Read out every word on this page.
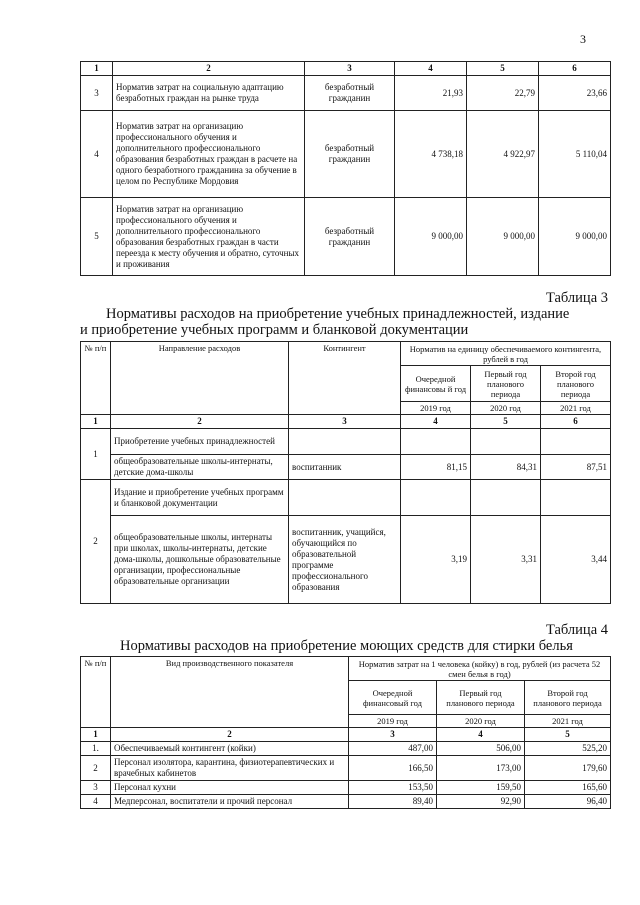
3
1	2	3	4	5	6
3	Норматив затрат на социальную адаптацию безработных граждан на рынке труда	безработный гражданин	21,93	22,79	23,66
4	Норматив затрат на организацию профессионального обучения и дополнительного профессионального образования безработных граждан в расчете на одного безработного гражданина за обучение в целом по Республике Мордовия	безработный гражданин	4 738,18	4 922,97	5 110,04
5	Норматив затрат на организацию профессионального обучения и дополнительного профессионального образования безработных граждан в части переезда к месту обучения и обратно, суточных и проживания	безработный гражданин	9 000,00	9 000,00	9 000,00
Таблица 3
Нормативы расходов на приобретение учебных принадлежностей, издание
и приобретение учебных программ и бланковой документации
№ п/п	Направление расходов	Контингент	Норматив на единицу обеспечиваемого контингента, рублей в год		
			Очередной финансовы й год	Первый год планового периода	Второй год планового периода
			2019 год	2020 год	2021 год
1	2	3	4	5	6
1	Приобретение учебных принадлежностей				
	общеобразовательные школы-интернаты, детские дома-школы	воспитанник	81,15	84,31	87,51
2	Издание и приобретение учебных программ и бланковой документации				
	общеобразовательные школы, интернаты при школах, школы-интернаты, детские дома-школы, дошкольные образовательные организации, профессиональные образовательные организации	воспитанник, учащийся, обучающийся по образовательной программе профессионального образования	3,19	3,31	3,44
Таблица 4
Нормативы расходов на приобретение моющих средств для стирки белья
№ п/п	Вид производственного показателя	Норматив затрат на 1 человека (койку) в год, рублей (из расчета 52 смен белья в год)		
		Очередной финансовый год	Первый год планового периода	Второй год планового периода
		2019 год	2020 год	2021 год
1	2	3	4	5
1.	Обеспечиваемый контингент (койки)	487,00	506,00	525,20
2	Персонал изолятора, карантина, физиотерапевтических и врачебных кабинетов	166,50	173,00	179,60
3	Персонал кухни	153,50	159,50	165,60
4	Медперсонал, воспитатели и прочий персонал	89,40	92,90	96,40
